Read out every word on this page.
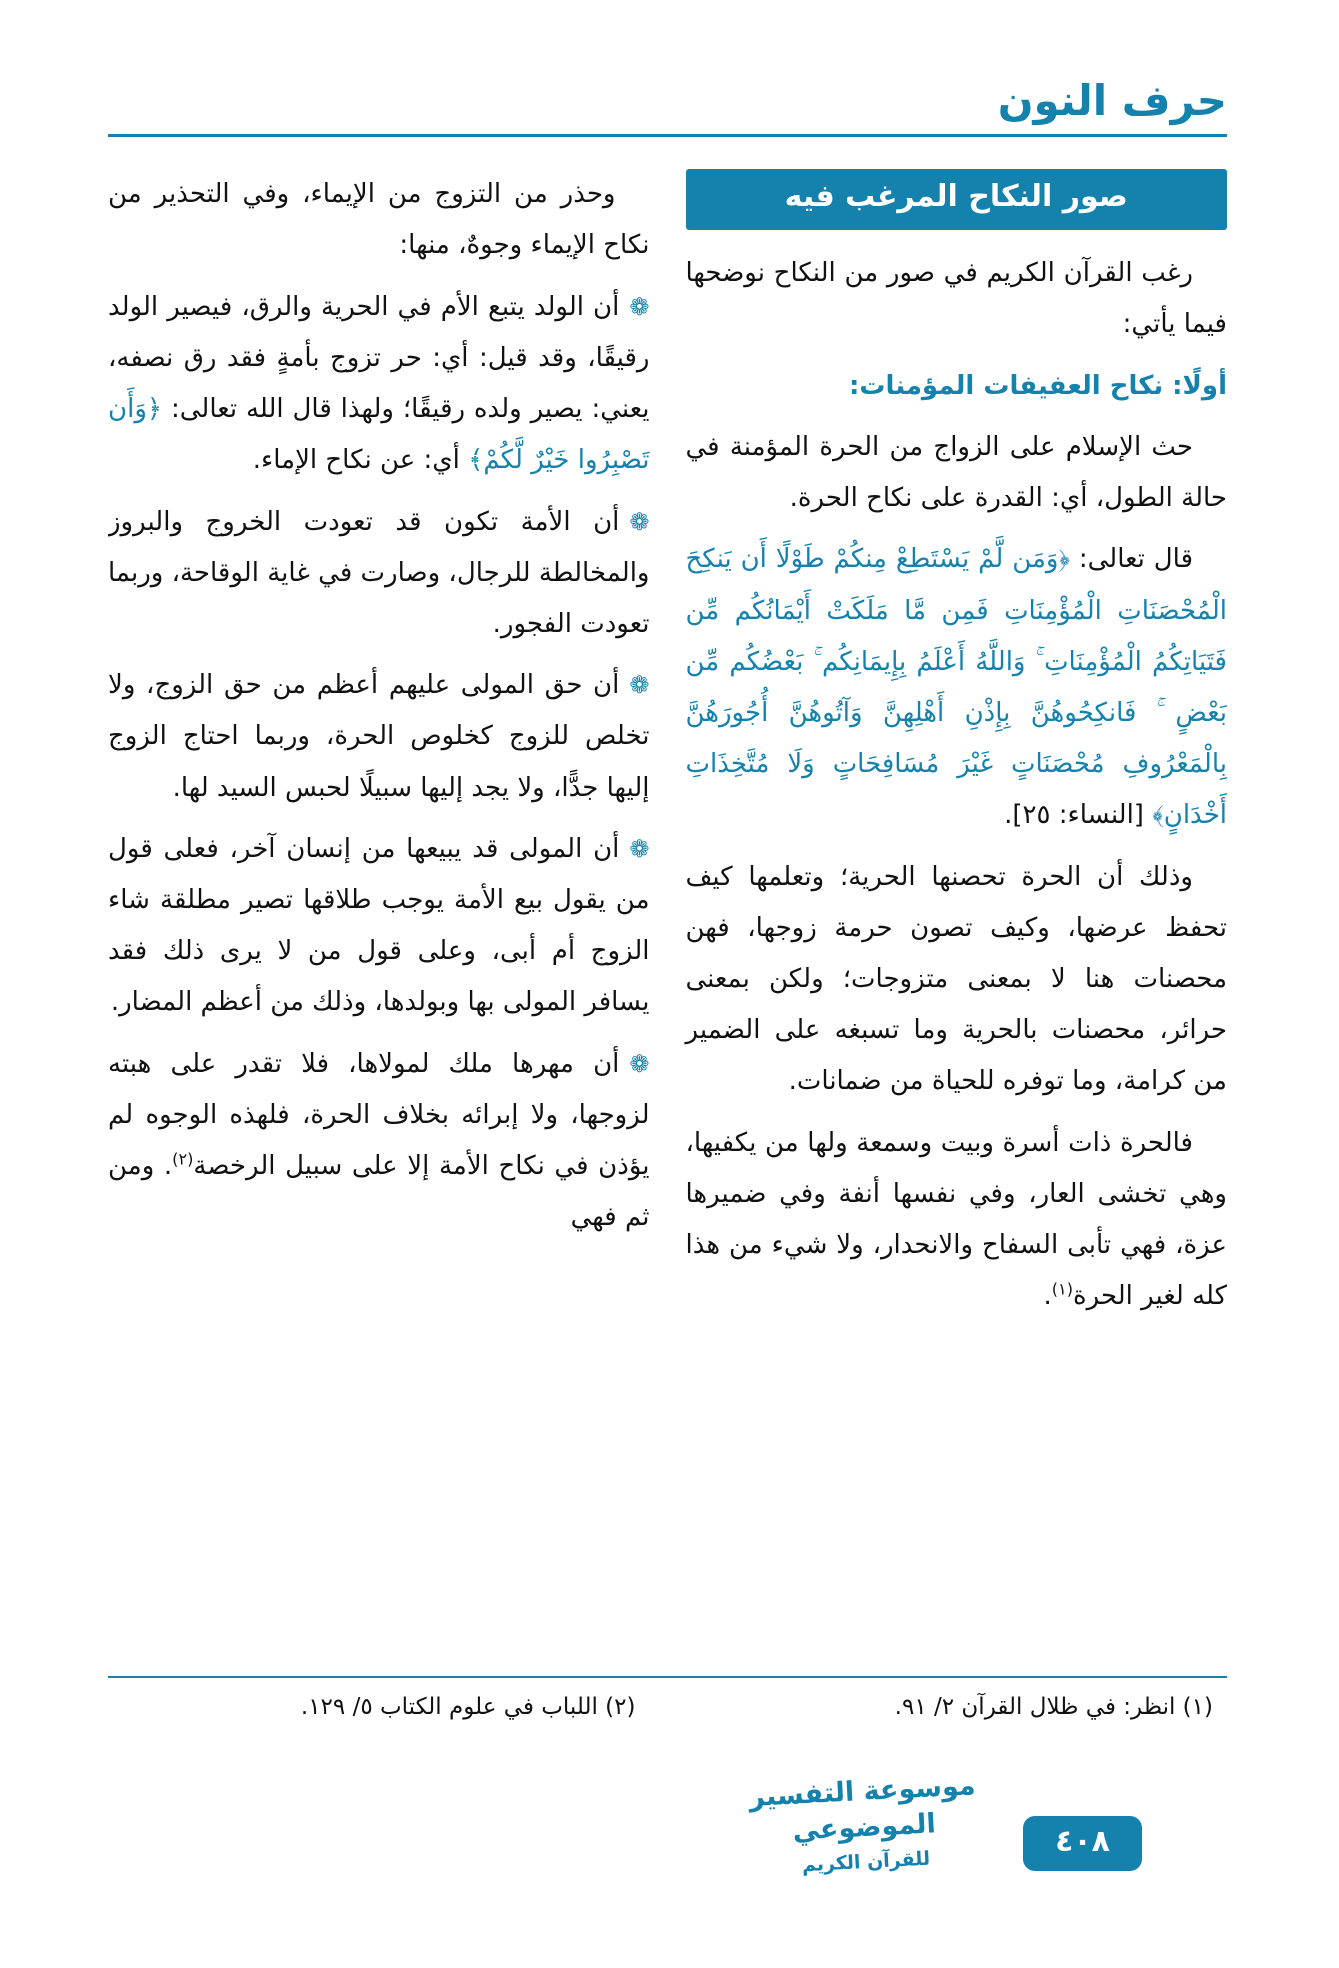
حرف النون
صور النكاح المرغب فيه

رغب القرآن الكريم في صور من النكاح نوضحها فيما يأتي:

أولًا: نكاح العفيفات المؤمنات:

حث الإسلام على الزواج من الحرة المؤمنة في حالة الطول، أي: القدرة على نكاح الحرة.

قال تعالى: ﴿وَمَن لَّمْ يَسْتَطِعْ مِنكُمْ طَوْلًا أَن يَنكِحَ الْمُحْصَنَاتِ الْمُؤْمِنَاتِ فَمِن مَّا مَلَكَتْ أَيْمَانُكُم مِّن فَتَيَاتِكُمُ الْمُؤْمِنَاتِ ۚ وَاللَّهُ أَعْلَمُ بِإِيمَانِكُم ۚ بَعْضُكُم مِّن بَعْضٍ ۚ فَانكِحُوهُنَّ بِإِذْنِ أَهْلِهِنَّ وَآتُوهُنَّ أُجُورَهُنَّ بِالْمَعْرُوفِ مُحْصَنَاتٍ غَيْرَ مُسَافِحَاتٍ وَلَا مُتَّخِذَاتِ أَخْدَانٍ﴾ [النساء: ٢٥].

وذلك أن الحرة تحصنها الحرية؛ وتعلمها كيف تحفظ عرضها، وكيف تصون حرمة زوجها، فهن محصنات هنا لا بمعنى متزوجات؛ ولكن بمعنى حرائر، محصنات بالحرية وما تسبغه على الضمير من كرامة، وما توفره للحياة من ضمانات.

فالحرة ذات أسرة وبيت وسمعة ولها من يكفيها، وهي تخشى العار، وفي نفسها أنفة وفي ضميرها عزة، فهي تأبى السفاح والانحدار، ولا شيء من هذا كله لغير الحرة$^{(١)}$.

وحذر من التزوج من الإيماء، وفي التحذير من نكاح الإيماء وجوهٌ، منها:

❁أن الولد يتبع الأم في الحرية والرق، فيصير الولد رقيقًا، وقد قيل: أي: حر تزوج بأمةٍ فقد رق نصفه، يعني: يصير ولده رقيقًا؛ ولهذا قال الله تعالى: ﴿وَأَن تَصْبِرُوا خَيْرٌ لَّكُمْ﴾ أي: عن نكاح الإماء.

❁أن الأمة تكون قد تعودت الخروج والبروز والمخالطة للرجال، وصارت في غاية الوقاحة، وربما تعودت الفجور.

❁أن حق المولى عليهم أعظم من حق الزوج، ولا تخلص للزوج كخلوص الحرة، وربما احتاج الزوج إليها جدًّا، ولا يجد إليها سبيلًا لحبس السيد لها.

❁أن المولى قد يبيعها من إنسان آخر، فعلى قول من يقول بيع الأمة يوجب طلاقها تصير مطلقة شاء الزوج أم أبى، وعلى قول من لا يرى ذلك فقد يسافر المولى بها وبولدها، وذلك من أعظم المضار.

❁أن مهرها ملك لمولاها، فلا تقدر على هبته لزوجها، ولا إبرائه بخلاف الحرة، فلهذه الوجوه لم يؤذن في نكاح الأمة إلا على سبيل الرخصة$^{(٢)}$. ومن ثم فهي

(١) انظر: في ظلال القرآن ٢/ ٩١.

(٢) اللباب في علوم الكتاب ٥/ ١٢٩.

موسوعة التفسير الموضوعي
للقرآن الكريم
٤٠٨
